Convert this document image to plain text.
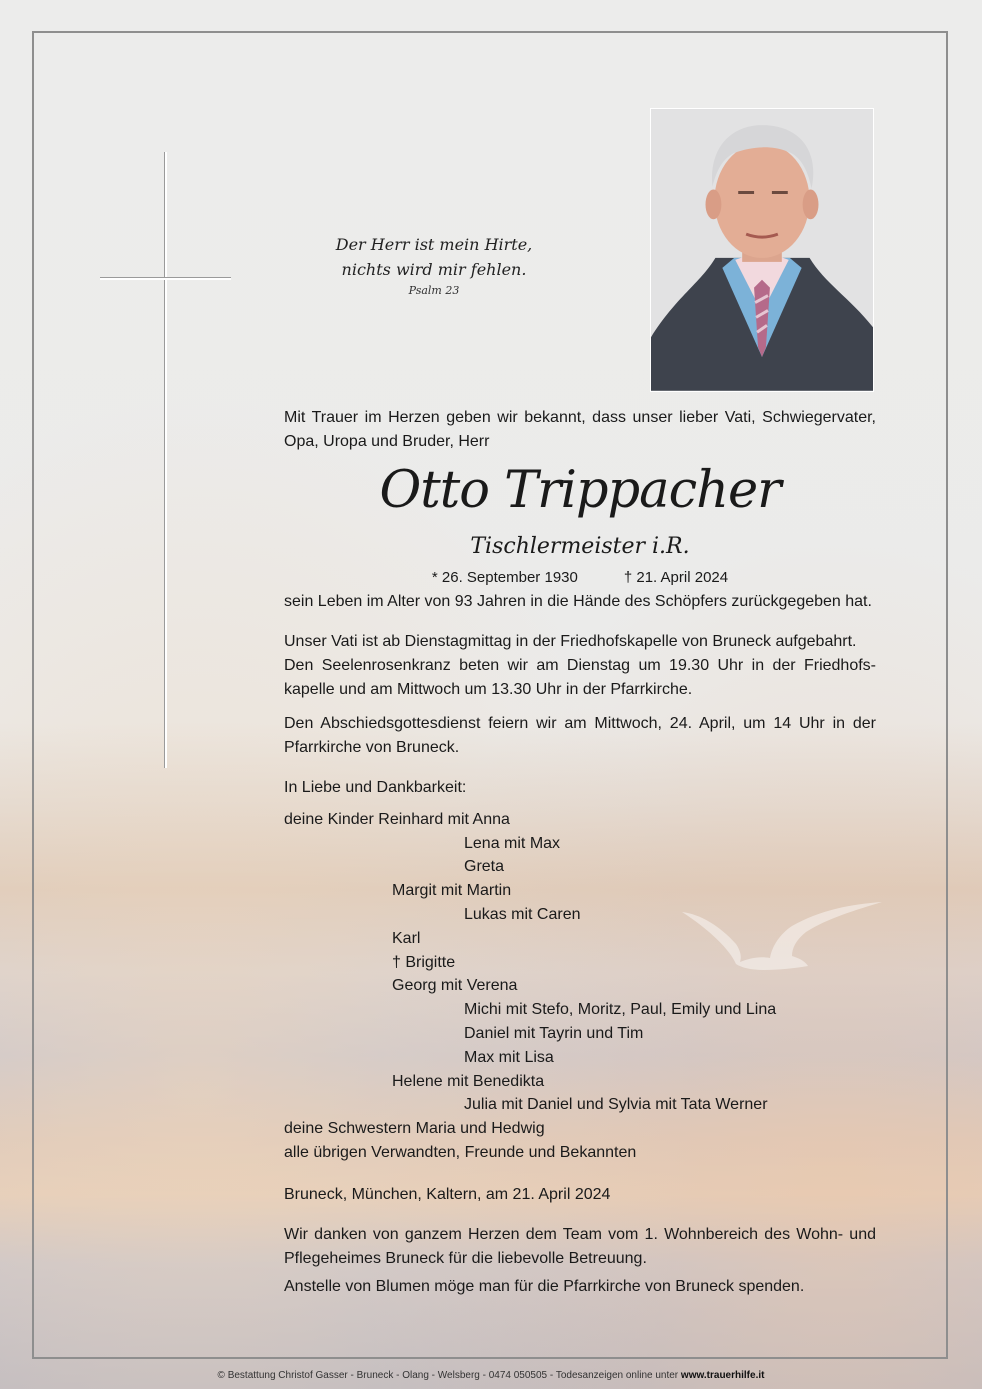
Der Herr ist mein Hirte,
nichts wird mir fehlen.
Psalm 23

Mit Trauer im Herzen geben wir bekannt, dass unser lieber Vati, Schwiegervater, Opa, Uropa und Bruder, Herr

Otto Trippacher
Tischlermeister i.R.
* 26. September 1930	† 21. April 2024

sein Leben im Alter von 93 Jahren in die Hände des Schöpfers zurückgegeben hat.

Unser Vati ist ab Dienstagmittag in der Friedhofskapelle von Bruneck aufgebahrt.

Den Seelenrosenkranz beten wir am Dienstag um 19.30 Uhr in der Friedhofs- kapelle und am Mittwoch um 13.30 Uhr in der Pfarrkirche.

Den Abschiedsgottesdienst feiern wir am Mittwoch, 24. April, um 14 Uhr in der Pfarrkirche von Bruneck.

In Liebe und Dankbarkeit:
deine Kinder Reinhard mit Anna
Lena mit Max
Greta
Margit mit Martin
Lukas mit Caren
Karl
† Brigitte
Georg mit Verena
Michi mit Stefo, Moritz, Paul, Emily und Lina
Daniel mit Tayrin und Tim
Max mit Lisa
Helene mit Benedikta
Julia mit Daniel und Sylvia mit Tata Werner
deine Schwestern Maria und Hedwig
alle übrigen Verwandten, Freunde und Bekannten

Bruneck, München, Kaltern, am 21. April 2024

Wir danken von ganzem Herzen dem Team vom 1. Wohnbereich des Wohn- und Pflegeheimes Bruneck für die liebevolle Betreuung.

Anstelle von Blumen möge man für die Pfarrkirche von Bruneck spenden.

© Bestattung Christof Gasser - Bruneck - Olang - Welsberg - 0474 050505 - Todesanzeigen online unter www.trauerhilfe.it
